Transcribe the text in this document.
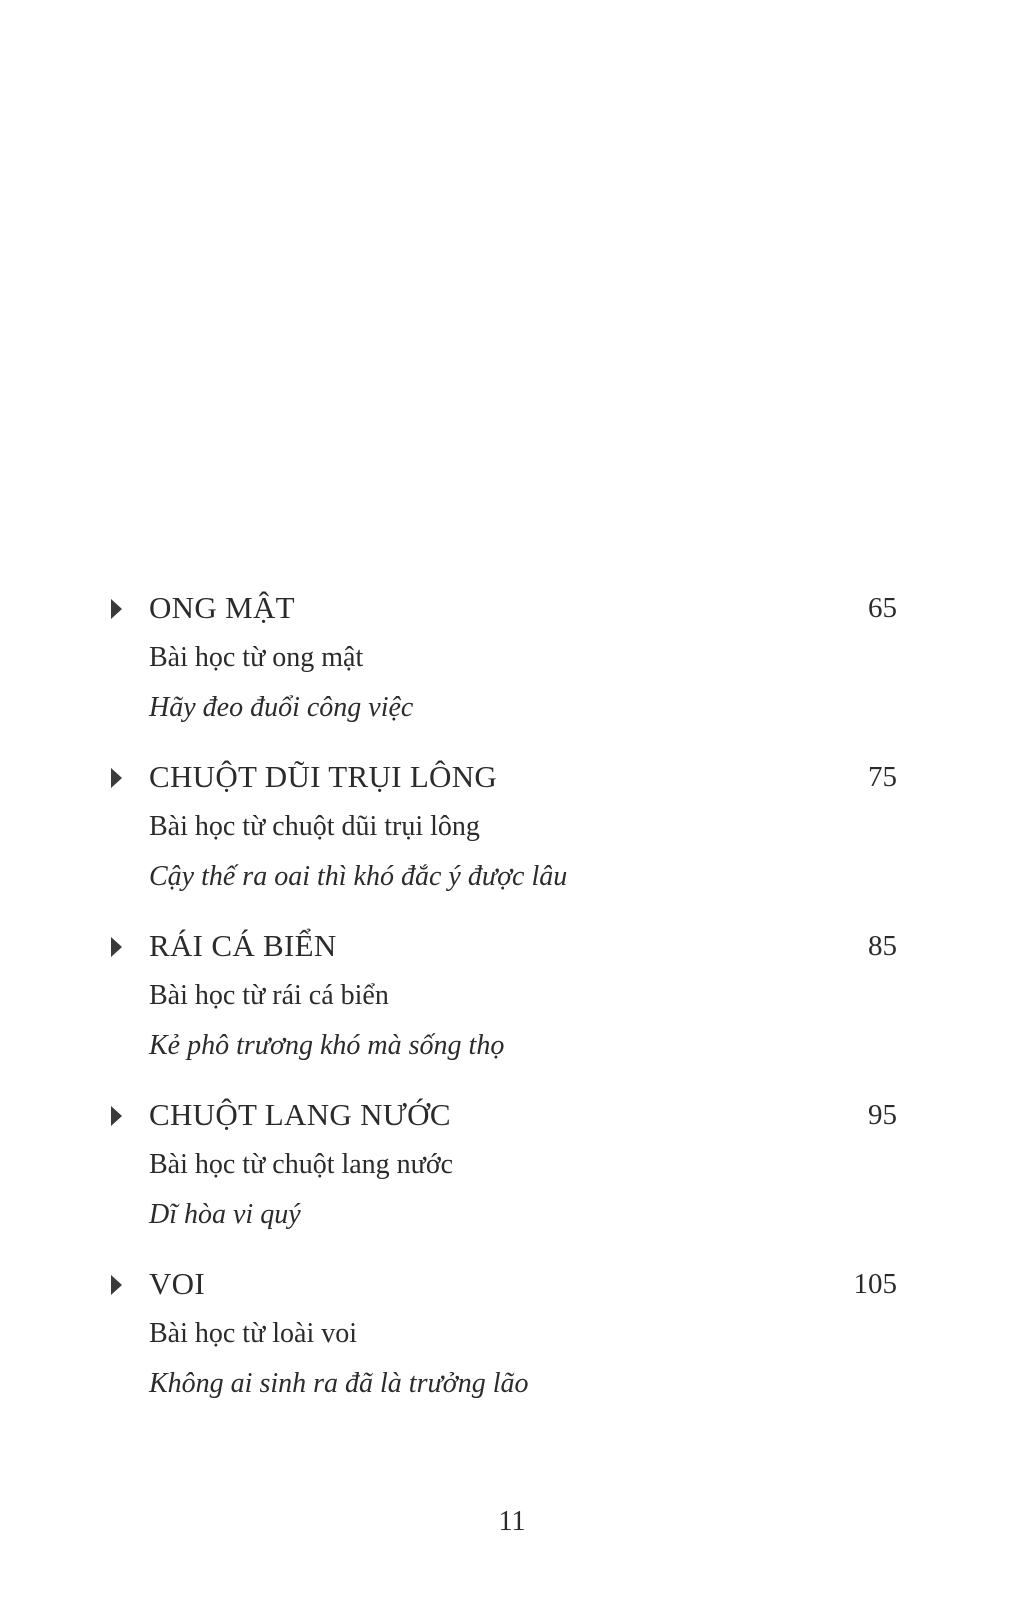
ONG MẬT	65
Bài học từ ong mật
Hãy đeo đuổi công việc
CHUỘT DŨI TRỤI LÔNG	75
Bài học từ chuột dũi trụi lông
Cậy thế ra oai thì khó đắc ý được lâu
RÁI CÁ BIỂN	85
Bài học từ rái cá biển
Kẻ phô trương khó mà sống thọ
CHUỘT LANG NƯỚC	95
Bài học từ chuột lang nước
Dĩ hòa vi quý
VOI	105
Bài học từ loài voi
Không ai sinh ra đã là trưởng lão
11
